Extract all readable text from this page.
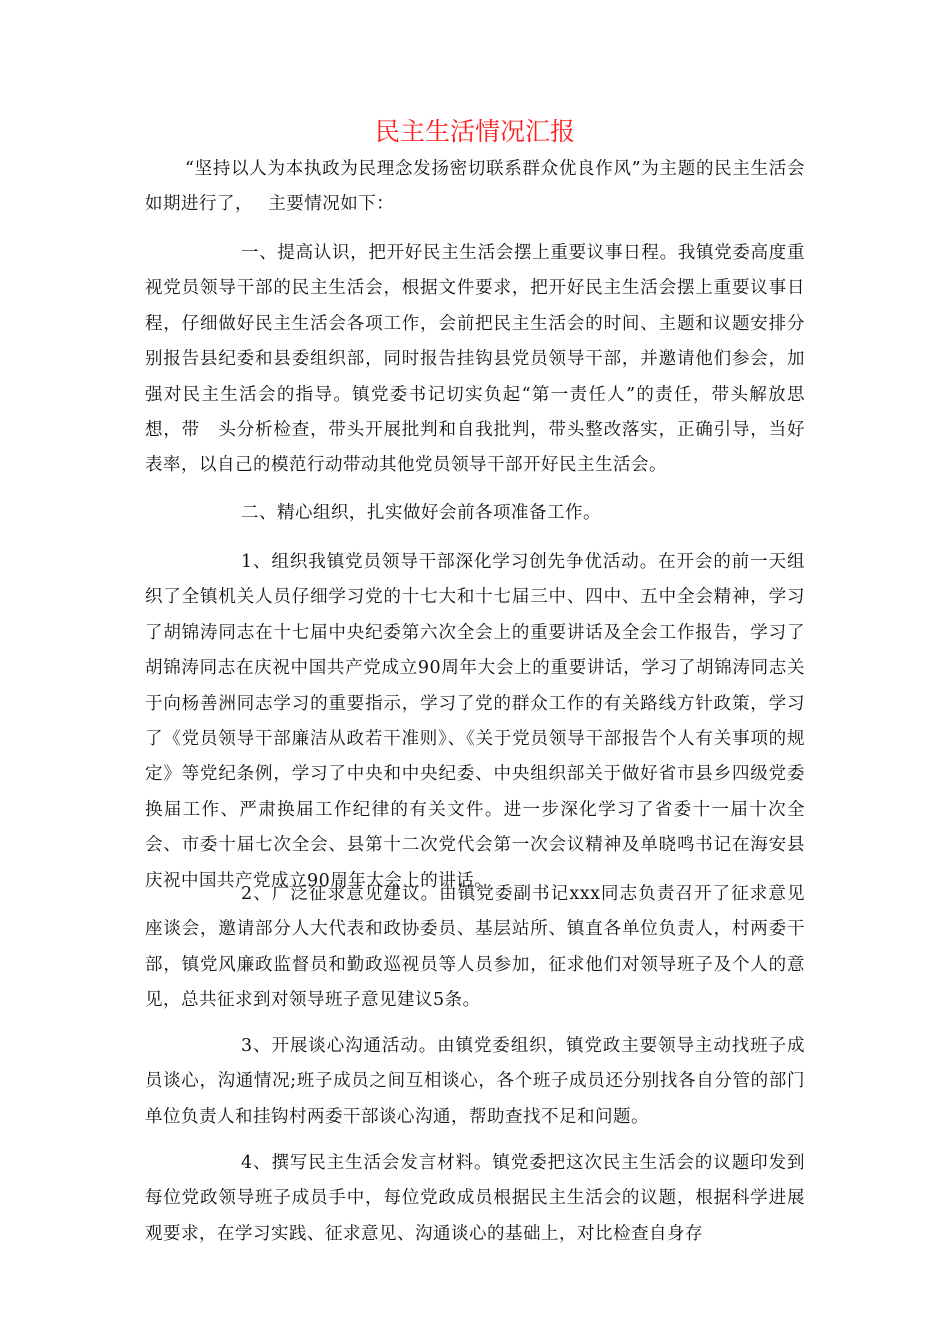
民主生活情况汇报

“坚持以人为本执政为民理念发扬密切联系群众优良作风”为主题的民主生活会如期进行了，　 主要情况如下：

一、提高认识，把开好民主生活会摆上重要议事日程。我镇党委高度重视党员领导干部的民主生活会，根据文件要求，把开好民主生活会摆上重要议事日程，仔细做好民主生活会各项工作，会前把民主生活会的时间、主题和议题安排分别报告县纪委和县委组织部，同时报告挂钩县党员领导干部，并邀请他们参会，加强对民主生活会的指导。镇党委书记切实负起“第一责任人”的责任，带头解放思想，带　头分析检查，带头开展批判和自我批判，带头整改落实，正确引导，当好表率，以自己的模范行动带动其他党员领导干部开好民主生活会。

二、精心组织，扎实做好会前各项准备工作。

1、组织我镇党员领导干部深化学习创先争优活动。在开会的前一天组织了全镇机关人员仔细学习党的十七大和十七届三中、四中、五中全会精神，学习了胡锦涛同志在十七届中央纪委第六次全会上的重要讲话及全会工作报告，学习了胡锦涛同志在庆祝中国共产党成立90周年大会上的重要讲话，学习了胡锦涛同志关于向杨善洲同志学习的重要指示，学习了党的群众工作的有关路线方针政策，学习了《党员领导干部廉洁从政若干准则》、《关于党员领导干部报告个人有关事项的规定》等党纪条例，学习了中央和中央纪委、中央组织部关于做好省市县乡四级党委换届工作、严肃换届工作纪律的有关文件。进一步深化学习了省委十一届十次全会、市委十届七次全会、县第十二次党代会第一次会议精神及单晓鸣书记在海安县庆祝中国共产党成立90周年大会上的讲话。

2、广泛征求意见建议。由镇党委副书记xxx同志负责召开了征求意见座谈会，邀请部分人大代表和政协委员、基层站所、镇直各单位负责人，村两委干部，镇党风廉政监督员和勤政巡视员等人员参加，征求他们对领导班子及个人的意见，总共征求到对领导班子意见建议5条。

3、开展谈心沟通活动。由镇党委组织，镇党政主要领导主动找班子成员谈心，沟通情况;班子成员之间互相谈心，各个班子成员还分别找各自分管的部门单位负责人和挂钩村两委干部谈心沟通，帮助查找不足和问题。

4、撰写民主生活会发言材料。镇党委把这次民主生活会的议题印发到每位党政领导班子成员手中，每位党政成员根据民主生活会的议题，根据科学进展观要求，在学习实践、征求意见、沟通谈心的基础上，对比检查自身存
